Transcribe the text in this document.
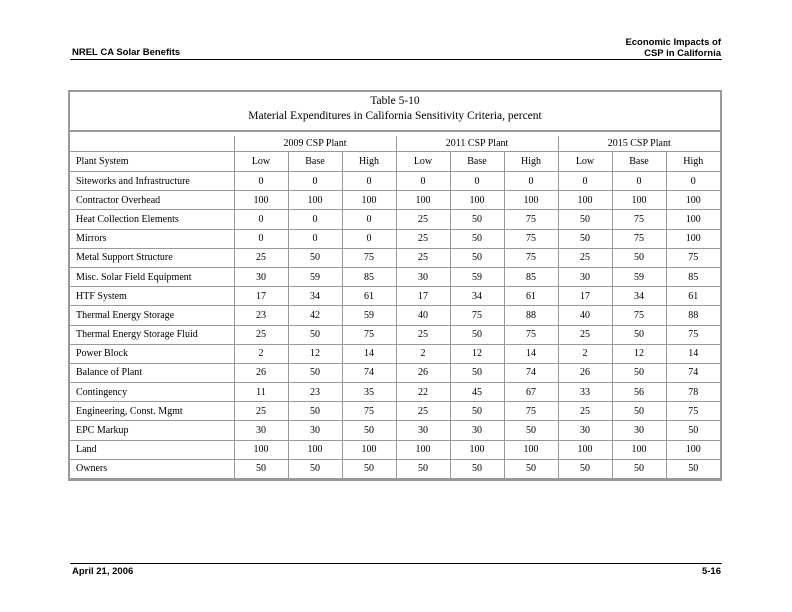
NREL CA Solar Benefits
Economic Impacts of
CSP in California
Table 5-10
Material Expenditures in California Sensitivity Criteria, percent

	2009 CSP Plant			2011 CSP Plant			2015 CSP Plant		
Plant System	Low	Base	High	Low	Base	High	Low	Base	High
Siteworks and Infrastructure	0	0	0	0	0	0	0	0	0
Contractor Overhead	100	100	100	100	100	100	100	100	100
Heat Collection Elements	0	0	0	25	50	75	50	75	100
Mirrors	0	0	0	25	50	75	50	75	100
Metal Support Structure	25	50	75	25	50	75	25	50	75
Misc. Solar Field Equipment	30	59	85	30	59	85	30	59	85
HTF System	17	34	61	17	34	61	17	34	61
Thermal Energy Storage	23	42	59	40	75	88	40	75	88
Thermal Energy Storage Fluid	25	50	75	25	50	75	25	50	75
Power Block	2	12	14	2	12	14	2	12	14
Balance of Plant	26	50	74	26	50	74	26	50	74
Contingency	11	23	35	22	45	67	33	56	78
Engineering, Const. Mgmt	25	50	75	25	50	75	25	50	75
EPC Markup	30	30	50	30	30	50	30	30	50
Land	100	100	100	100	100	100	100	100	100
Owners	50	50	50	50	50	50	50	50	50
April 21, 2006	5-16
